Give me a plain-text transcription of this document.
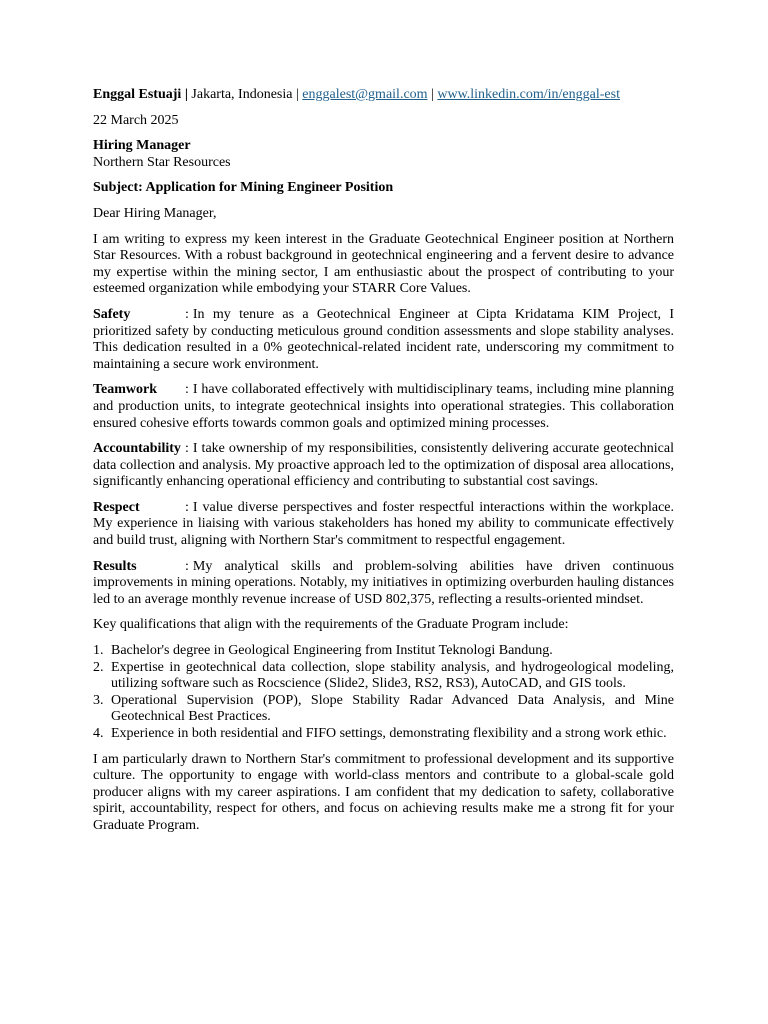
Enggal Estuaji | Jakarta, Indonesia | enggalest@gmail.com | www.linkedin.com/in/enggal-est
22 March 2025
Hiring Manager
Northern Star Resources
Subject: Application for Mining Engineer Position
Dear Hiring Manager,

I am writing to express my keen interest in the Graduate Geotechnical Engineer position at Northern Star Resources. With a robust background in geotechnical engineering and a fervent desire to advance my expertise within the mining sector, I am enthusiastic about the prospect of contributing to your esteemed organization while embodying your STARR Core Values.

Safety	: In my tenure as a Geotechnical Engineer at Cipta Kridatama KIM Project, I prioritized safety by conducting meticulous ground condition assessments and slope stability analyses. This dedication resulted in a 0% geotechnical-related incident rate, underscoring my commitment to maintaining a secure work environment.

Teamwork : I have collaborated effectively with multidisciplinary teams, including mine planning and production units, to integrate geotechnical insights into operational strategies. This collaboration ensured cohesive efforts towards common goals and optimized mining processes.

Accountability : I take ownership of my responsibilities, consistently delivering accurate geotechnical data collection and analysis. My proactive approach led to the optimization of disposal area allocations, significantly enhancing operational efficiency and contributing to substantial cost savings.

Respect	: I value diverse perspectives and foster respectful interactions within the workplace. My experience in liaising with various stakeholders has honed my ability to communicate effectively and build trust, aligning with Northern Star's commitment to respectful engagement.

Results	: My analytical skills and problem-solving abilities have driven continuous improvements in mining operations. Notably, my initiatives in optimizing overburden hauling distances led to an average monthly revenue increase of USD 802,375, reflecting a results-oriented mindset.

Key qualifications that align with the requirements of the Graduate Program include:

1. Bachelor's degree in Geological Engineering from Institut Teknologi Bandung.
2. Expertise in geotechnical data collection, slope stability analysis, and hydrogeological modeling, utilizing software such as Rocscience (Slide2, Slide3, RS2, RS3), AutoCAD, and GIS tools.
3. Operational Supervision (POP), Slope Stability Radar Advanced Data Analysis, and Mine Geotechnical Best Practices.
4. Experience in both residential and FIFO settings, demonstrating flexibility and a strong work ethic.

I am particularly drawn to Northern Star's commitment to professional development and its supportive culture. The opportunity to engage with world-class mentors and contribute to a global-scale gold producer aligns with my career aspirations. I am confident that my dedication to safety, collaborative spirit, accountability, respect for others, and focus on achieving results make me a strong fit for your Graduate Program.
